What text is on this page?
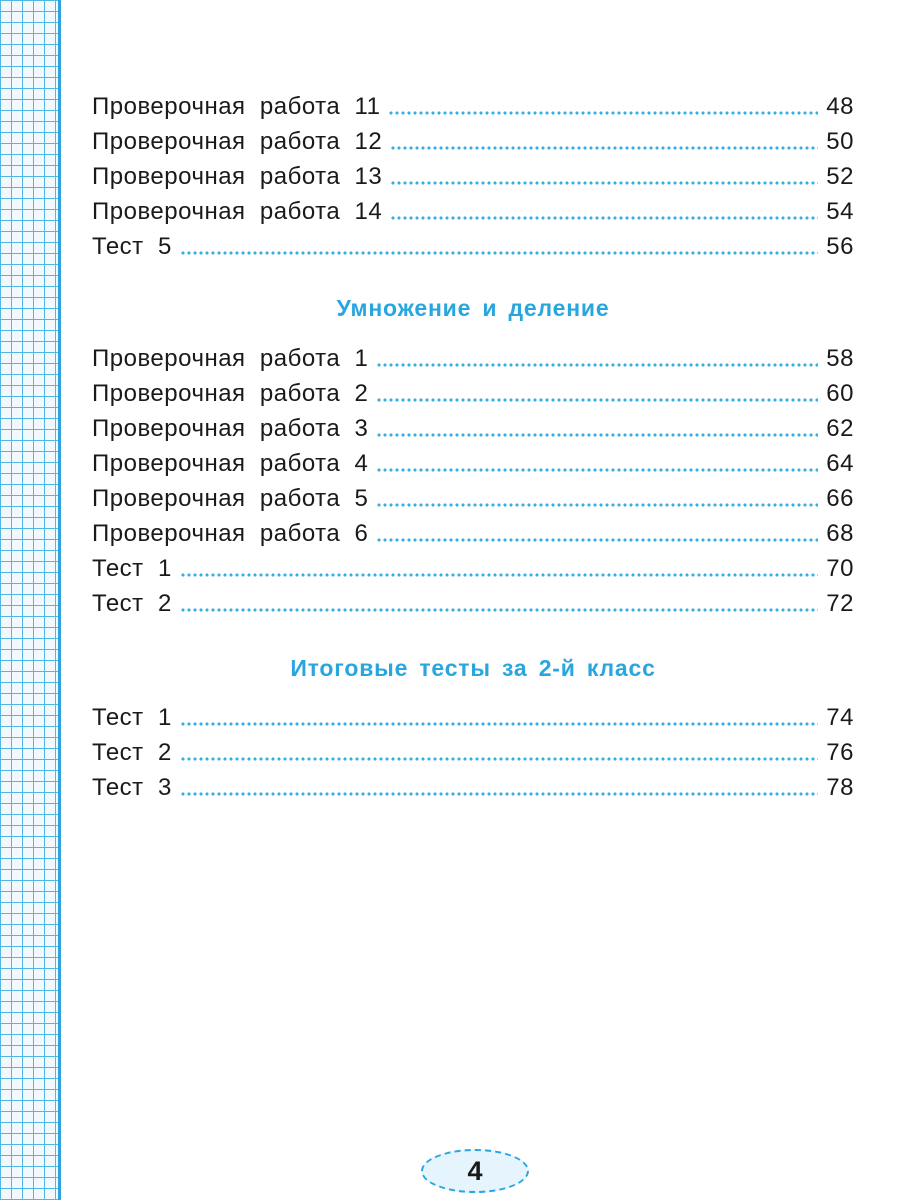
Проверочная  работа  11	48
Проверочная  работа  12	50
Проверочная  работа  13	52
Проверочная  работа  14	54
Тест  5	56
Умножение и деление
Проверочная  работа  1	58
Проверочная  работа  2	60
Проверочная  работа  3	62
Проверочная  работа  4	64
Проверочная  работа  5	66
Проверочная  работа  6	68
Тест  1	70
Тест  2	72
Итоговые тесты за 2-й класс
Тест  1	74
Тест  2	76
Тест  3	78
4
